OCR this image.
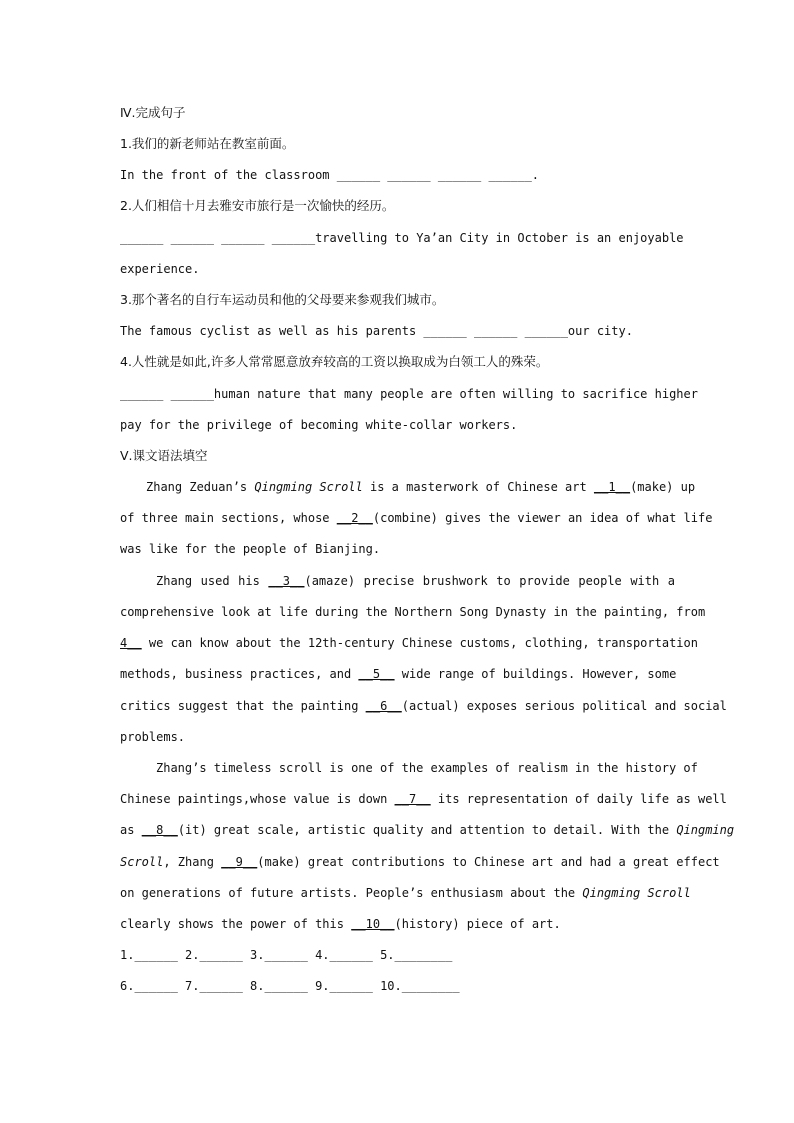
Ⅳ.完成句子
1.我们的新老师站在教室前面。
In the front of the classroom ______ ______ ______ ______.
2.人们相信十月去雅安市旅行是一次愉快的经历。
______ ______ ______ ______travelling to Ya’an City in October is an enjoyable
experience.
3.那个著名的自行车运动员和他的父母要来参观我们城市。
The famous cyclist as well as his parents ______ ______ ______our city.
4.人性就是如此,许多人常常愿意放弃较高的工资以换取成为白领工人的殊荣。
______ ______human nature that many people are often willing to sacrifice higher
pay for the privilege of becoming white-collar workers.
Ⅴ.课文语法填空
Zhang Zeduan’s Qingming Scroll is a masterwork of Chinese art __1__(make) up
of three main sections, whose __2__(combine) gives the viewer an idea of what life
was like for the people of Bianjing.
Zhang used his __3__(amaze) precise brushwork to provide people with a
comprehensive look at life during the Northern Song Dynasty in the painting, from
4__ we can know about the 12th-century Chinese customs, clothing, transportation
methods, business practices, and __5__ wide range of buildings. However, some
critics suggest that the painting __6__(actual) exposes serious political and social
problems.
Zhang’s timeless scroll is one of the examples of realism in the history of
Chinese paintings,whose value is down __7__ its representation of daily life as well
as __8__(it) great scale, artistic quality and attention to detail. With the Qingming
Scroll, Zhang __9__(make) great contributions to Chinese art and had a great effect
on generations of future artists. People’s enthusiasm about the Qingming Scroll
clearly shows the power of this __10__(history) piece of art.
1.______ 2.______ 3.______ 4.______ 5.________
6.______ 7.______ 8.______ 9.______ 10.________
